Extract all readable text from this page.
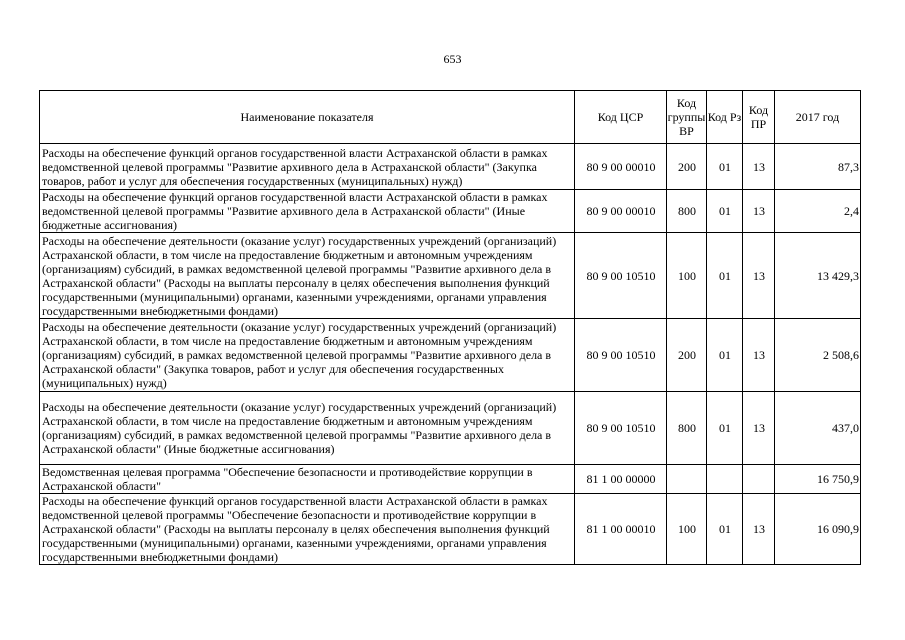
653
Наименование показателя	Код ЦСР	Код группы ВР	Код Рз	Код ПР	2017 год
Расходы на обеспечение функций органов государственной власти Астраханской области в рамках ведомственной целевой программы "Развитие архивного дела в Астраханской области" (Закупка товаров, работ и услуг для обеспечения государственных (муниципальных) нужд)	80 9 00 00010	200	01	13	87,3
Расходы на обеспечение функций органов государственной власти Астраханской области в рамках ведомственной целевой программы "Развитие архивного дела в Астраханской области" (Иные бюджетные ассигнования)	80 9 00 00010	800	01	13	2,4
Расходы на обеспечение деятельности (оказание услуг) государственных учреждений (организаций) Астраханской области, в том числе на предоставление бюджетным и автономным учреждениям (организациям) субсидий, в рамках ведомственной целевой программы "Развитие архивного дела в Астраханской области" (Расходы на выплаты персоналу в целях обеспечения выполнения функций государственными (муниципальными) органами, казенными учреждениями, органами управления государственными внебюджетными фондами)	80 9 00 10510	100	01	13	13 429,3
Расходы на обеспечение деятельности (оказание услуг) государственных учреждений (организаций) Астраханской области, в том числе на предоставление бюджетным и автономным учреждениям (организациям) субсидий, в рамках ведомственной целевой программы "Развитие архивного дела в Астраханской области" (Закупка товаров, работ и услуг для обеспечения государственных (муниципальных) нужд)	80 9 00 10510	200	01	13	2 508,6
Расходы на обеспечение деятельности (оказание услуг) государственных учреждений (организаций) Астраханской области, в том числе на предоставление бюджетным и автономным учреждениям (организациям) субсидий, в рамках ведомственной целевой программы "Развитие архивного дела в Астраханской области" (Иные бюджетные ассигнования)	80 9 00 10510	800	01	13	437,0
Ведомственная целевая программа "Обеспечение безопасности и противодействие коррупции в Астраханской области"	81 1 00 00000				16 750,9
Расходы на обеспечение функций органов государственной власти Астраханской области в рамках ведомственной целевой программы "Обеспечение безопасности и противодействие коррупции в Астраханской области" (Расходы на выплаты персоналу в целях обеспечения выполнения функций государственными (муниципальными) органами, казенными учреждениями, органами управления государственными внебюджетными фондами)	81 1 00 00010	100	01	13	16 090,9
